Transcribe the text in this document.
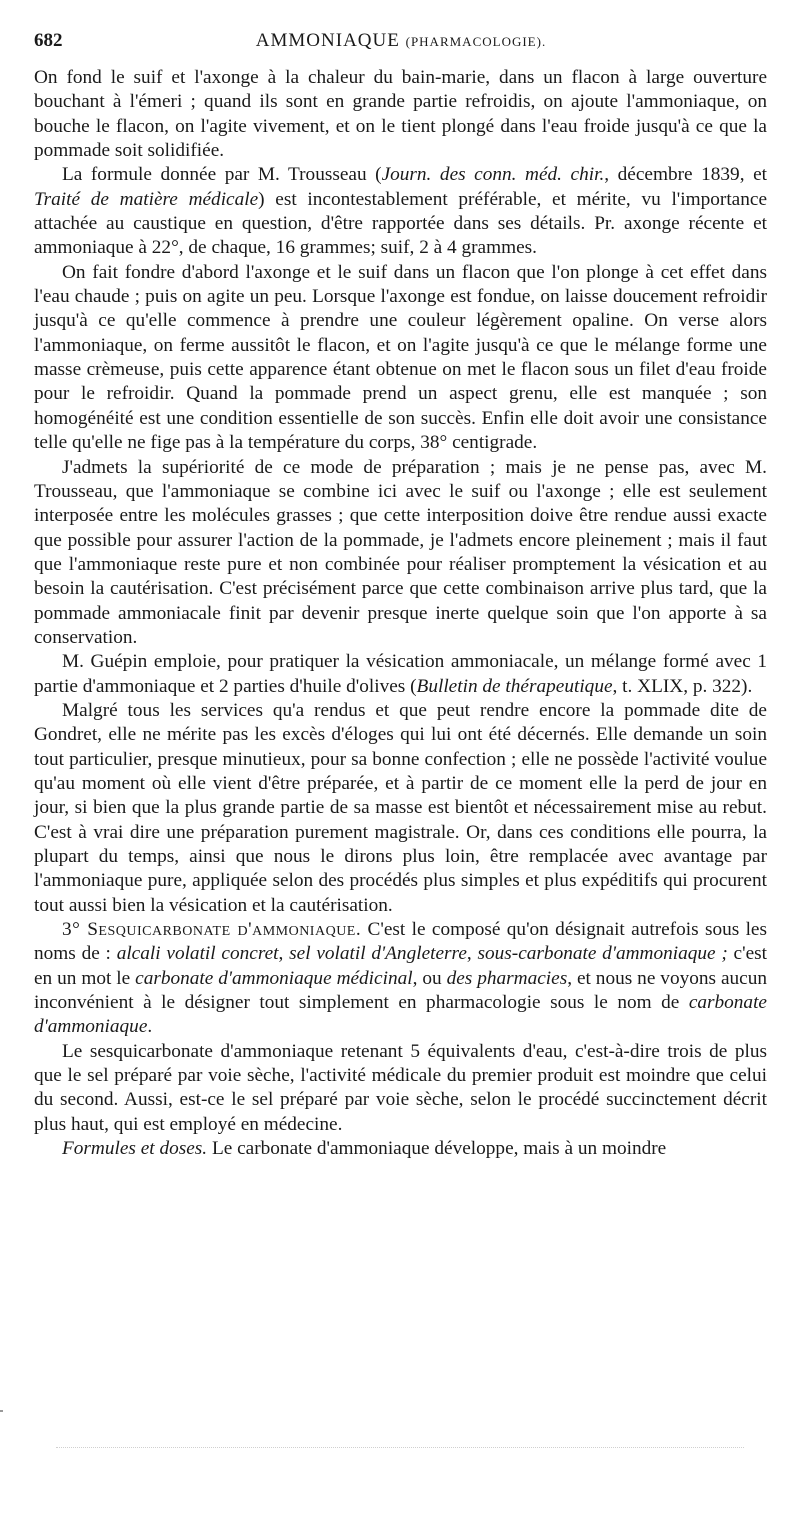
682	AMMONIAQUE (PHARMACOLOGIE).

On fond le suif et l'axonge à la chaleur du bain-marie, dans un flacon à large ouverture bouchant à l'émeri ; quand ils sont en grande partie refroidis, on ajoute l'ammoniaque, on bouche le flacon, on l'agite vivement, et on le tient plongé dans l'eau froide jusqu'à ce que la pommade soit solidifiée.

La formule donnée par M. Trousseau (Journ. des conn. méd. chir., décembre 1839, et Traité de matière médicale) est incontestablement préférable, et mérite, vu l'importance attachée au caustique en question, d'être rapportée dans ses détails. Pr. axonge récente et ammoniaque à 22°, de chaque, 16 grammes; suif, 2 à 4 grammes.

On fait fondre d'abord l'axonge et le suif dans un flacon que l'on plonge à cet effet dans l'eau chaude ; puis on agite un peu. Lorsque l'axonge est fondue, on laisse doucement refroidir jusqu'à ce qu'elle commence à prendre une couleur légèrement opaline. On verse alors l'ammoniaque, on ferme aussitôt le flacon, et on l'agite jusqu'à ce que le mélange forme une masse crèmeuse, puis cette apparence étant obtenue on met le flacon sous un filet d'eau froide pour le refroidir. Quand la pommade prend un aspect grenu, elle est manquée ; son homogénéité est une condition essentielle de son succès. Enfin elle doit avoir une consistance telle qu'elle ne fige pas à la température du corps, 38° centigrade.

J'admets la supériorité de ce mode de préparation ; mais je ne pense pas, avec M. Trousseau, que l'ammoniaque se combine ici avec le suif ou l'axonge ; elle est seulement interposée entre les molécules grasses ; que cette interposition doive être rendue aussi exacte que possible pour assurer l'action de la pommade, je l'admets encore pleinement ; mais il faut que l'ammoniaque reste pure et non combinée pour réaliser promptement la vésication et au besoin la cautérisation. C'est précisément parce que cette combinaison arrive plus tard, que la pommade ammoniacale finit par devenir presque inerte quelque soin que l'on apporte à sa conservation.

M. Guépin emploie, pour pratiquer la vésication ammoniacale, un mélange formé avec 1 partie d'ammoniaque et 2 parties d'huile d'olives (Bulletin de thérapeutique, t. XLIX, p. 322).

Malgré tous les services qu'a rendus et que peut rendre encore la pommade dite de Gondret, elle ne mérite pas les excès d'éloges qui lui ont été décernés. Elle demande un soin tout particulier, presque minutieux, pour sa bonne confection ; elle ne possède l'activité voulue qu'au moment où elle vient d'être préparée, et à partir de ce moment elle la perd de jour en jour, si bien que la plus grande partie de sa masse est bientôt et nécessairement mise au rebut. C'est à vrai dire une préparation purement magistrale. Or, dans ces conditions elle pourra, la plupart du temps, ainsi que nous le dirons plus loin, être remplacée avec avantage par l'ammoniaque pure, appliquée selon des procédés plus simples et plus expéditifs qui procurent tout aussi bien la vésication et la cautérisation.

3° Sesquicarbonate d'ammoniaque. C'est le composé qu'on désignait autrefois sous les noms de : alcali volatil concret, sel volatil d'Angleterre, sous-carbonate d'ammoniaque ; c'est en un mot le carbonate d'ammoniaque médicinal, ou des pharmacies, et nous ne voyons aucun inconvénient à le désigner tout simplement en pharmacologie sous le nom de carbonate d'ammoniaque.

Le sesquicarbonate d'ammoniaque retenant 5 équivalents d'eau, c'est-à-dire trois de plus que le sel préparé par voie sèche, l'activité médicale du premier produit est moindre que celui du second. Aussi, est-ce le sel préparé par voie sèche, selon le procédé succinctement décrit plus haut, qui est employé en médecine.

Formules et doses. Le carbonate d'ammoniaque développe, mais à un moindre
